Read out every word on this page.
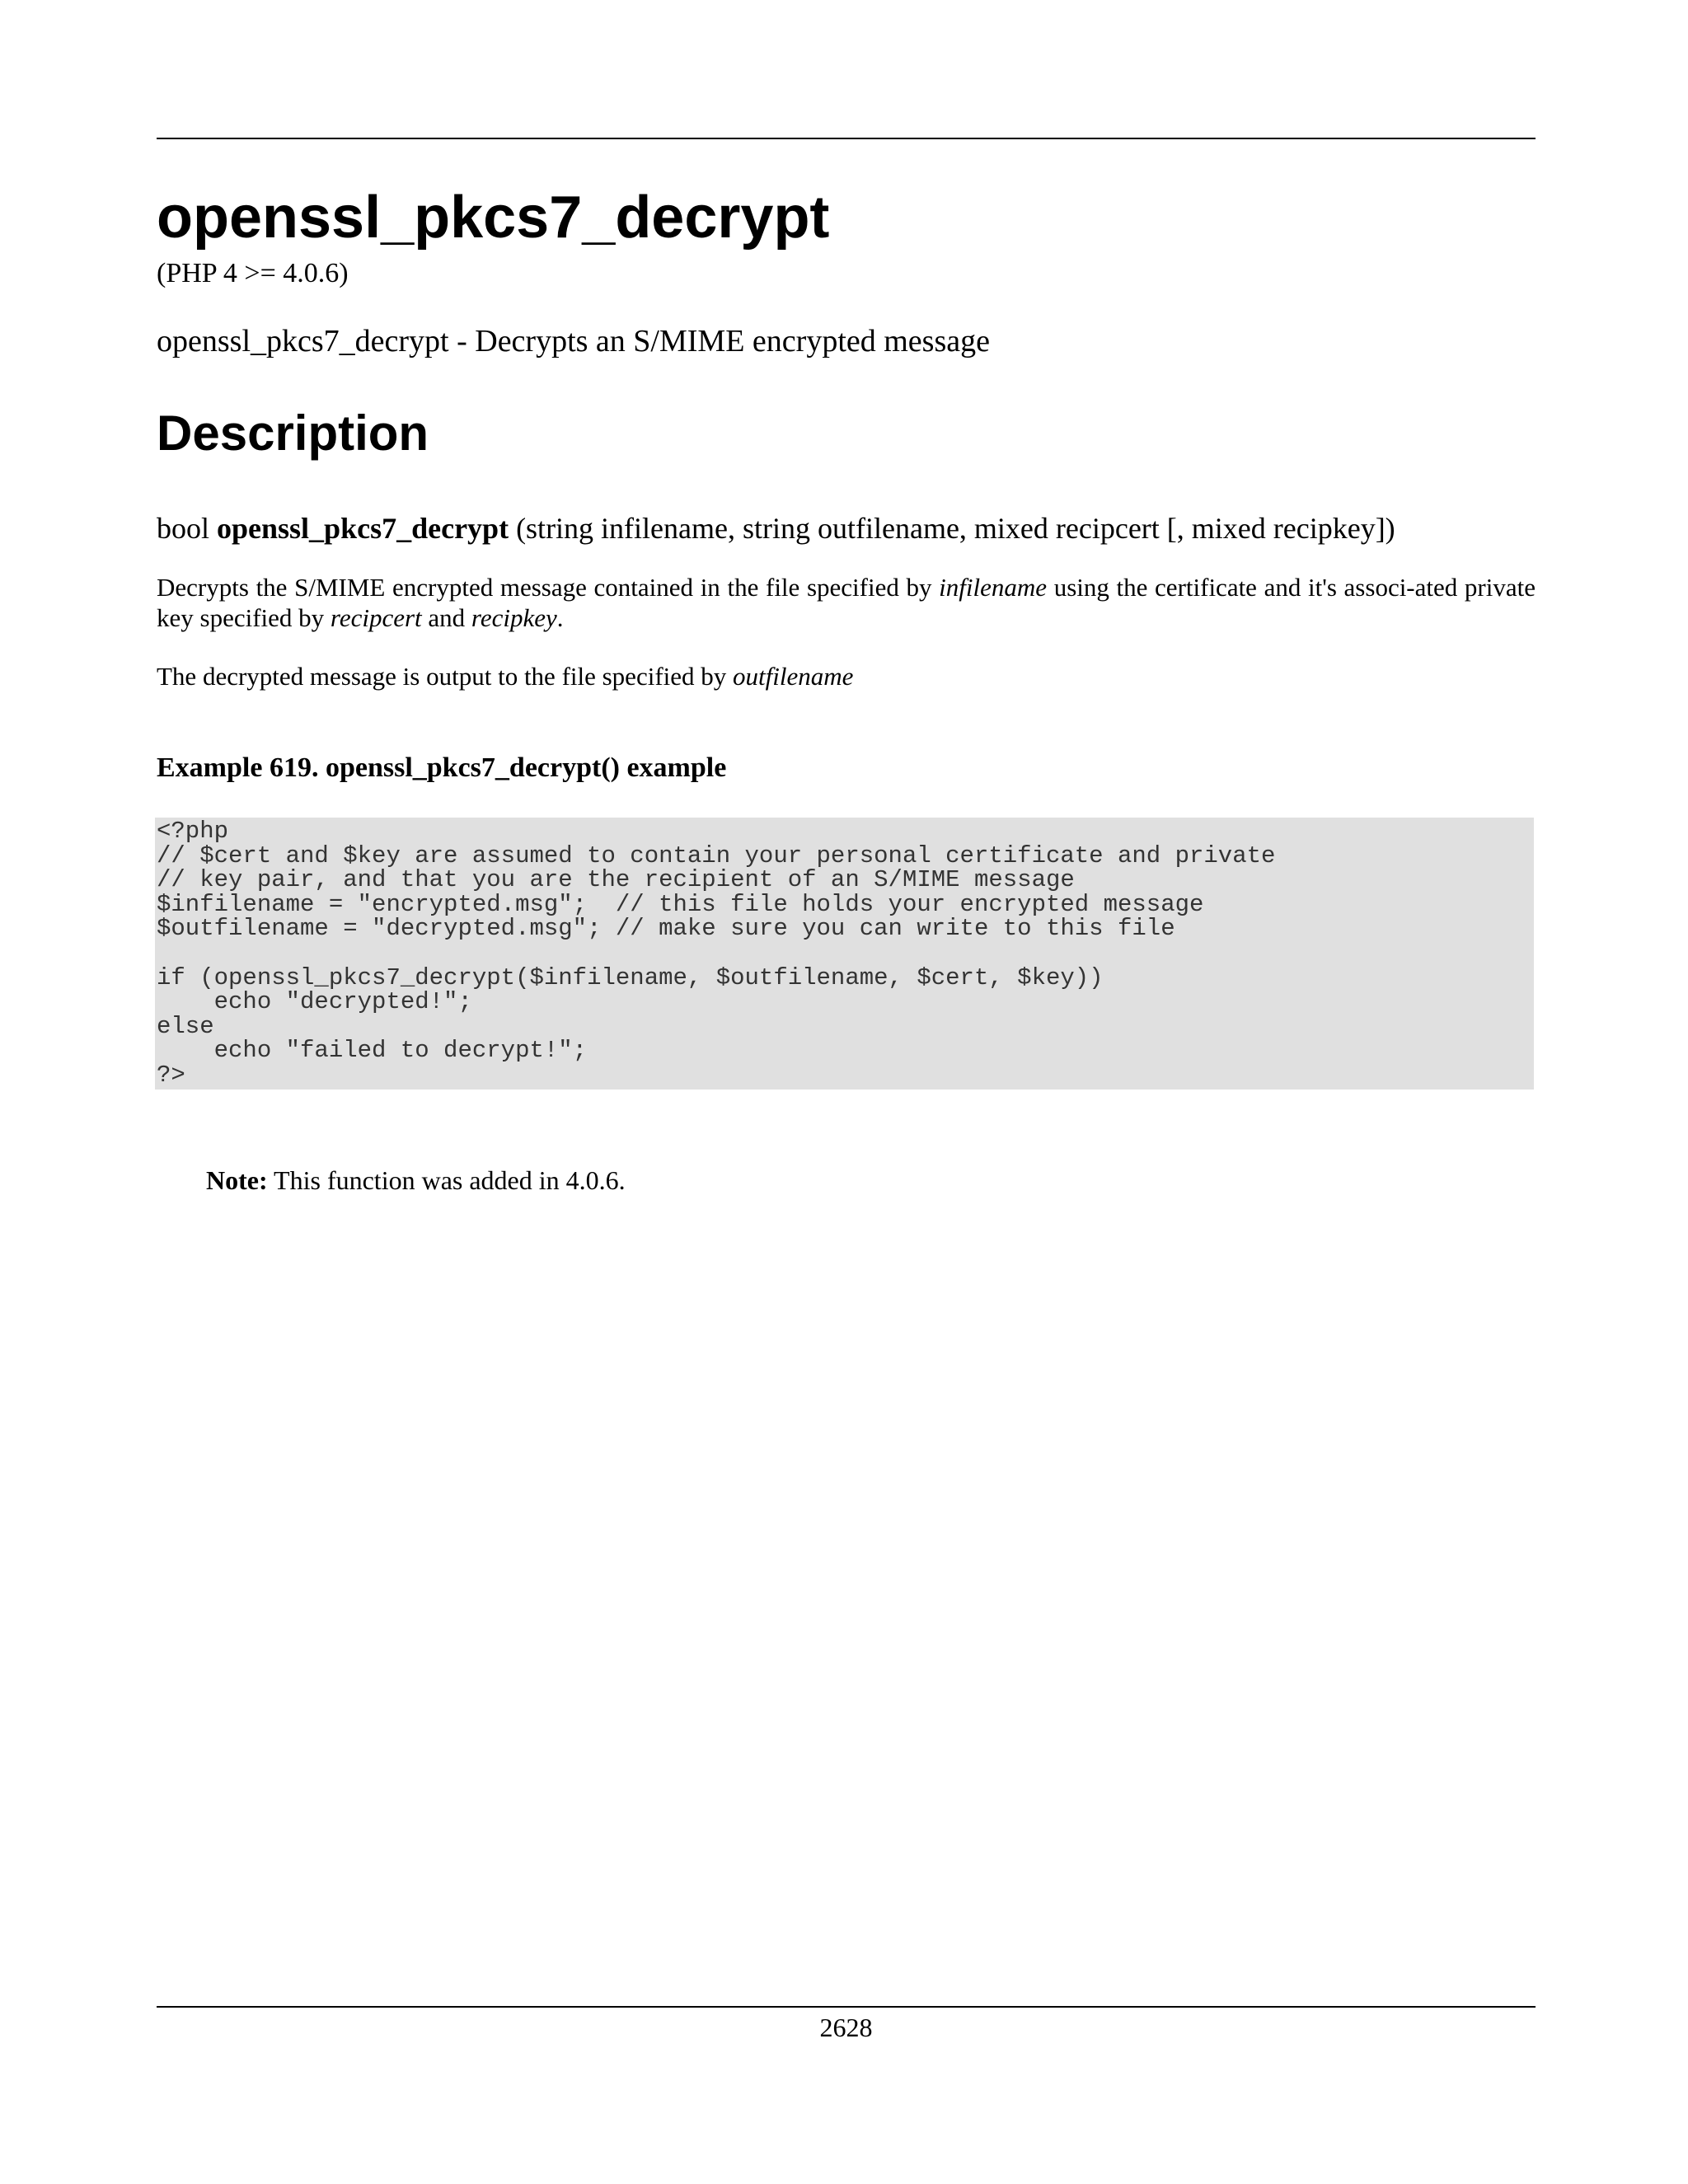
openssl_pkcs7_decrypt

(PHP 4 >= 4.0.6)

openssl_pkcs7_decrypt - Decrypts an S/MIME encrypted message

Description

bool openssl_pkcs7_decrypt (string infilename, string outfilename, mixed recipcert [, mixed recipkey])

Decrypts the S/MIME encrypted message contained in the file specified by infilename using the certificate and it's associ-ated private key specified by recipcert and recipkey.

The decrypted message is output to the file specified by outfilename

Example 619. openssl_pkcs7_decrypt() example

<?php
// $cert and $key are assumed to contain your personal certificate and private
// key pair, and that you are the recipient of an S/MIME message
$infilename = "encrypted.msg";  // this file holds your encrypted message
$outfilename = "decrypted.msg"; // make sure you can write to this file

if (openssl_pkcs7_decrypt($infilename, $outfilename, $cert, $key))
echo "decrypted!";
else
echo "failed to decrypt!";
?>

Note: This function was added in 4.0.6.

2628
